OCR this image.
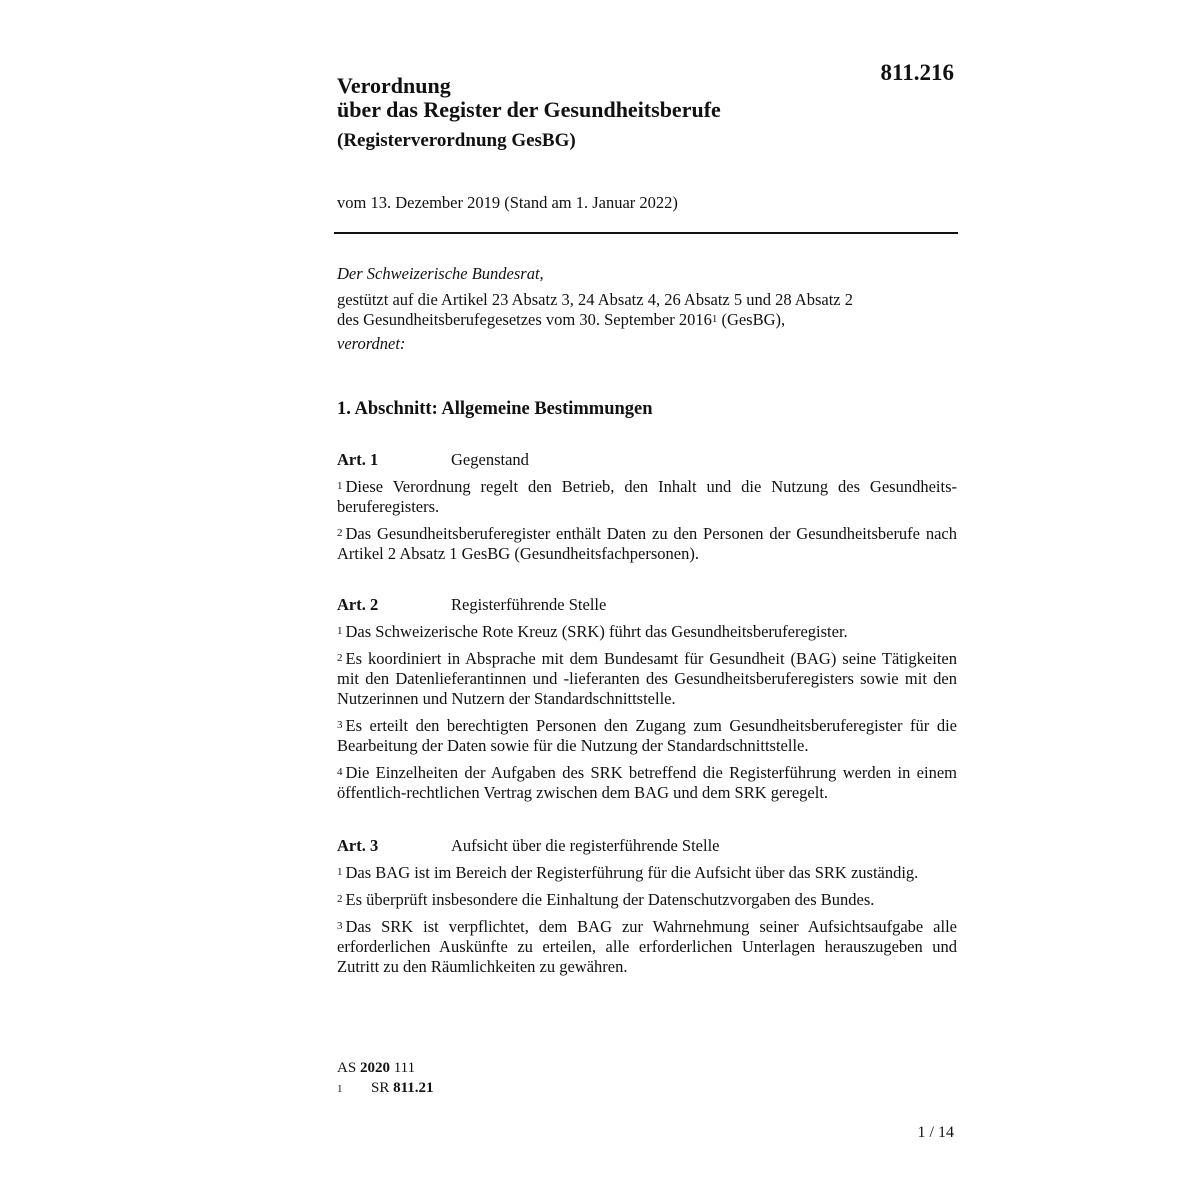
811.216
Verordnung
über das Register der Gesundheitsberufe
(Registerverordnung GesBG)
vom 13. Dezember 2019 (Stand am 1. Januar 2022)
Der Schweizerische Bundesrat,
gestützt auf die Artikel 23 Absatz 3, 24 Absatz 4, 26 Absatz 5 und 28 Absatz 2
des Gesundheitsberufegesetzes vom 30. September 2016$^1$ (GesBG),
verordnet:
1. Abschnitt: Allgemeine Bestimmungen
Art. 1	Gegenstand
$^1$ Diese Verordnung regelt den Betrieb, den Inhalt und die Nutzung des Gesundheitsberuferegisters.
$^2$ Das Gesundheitsberuferegister enthält Daten zu den Personen der Gesundheitsberufe nach Artikel 2 Absatz 1 GesBG (Gesundheitsfachpersonen).
Art. 2	Registerführende Stelle
$^1$ Das Schweizerische Rote Kreuz (SRK) führt das Gesundheitsberuferegister.
$^2$ Es koordiniert in Absprache mit dem Bundesamt für Gesundheit (BAG) seine Tätigkeiten mit den Datenlieferantinnen und -lieferanten des Gesundheitsberuferegisters sowie mit den Nutzerinnen und Nutzern der Standardschnittstelle.
$^3$ Es erteilt den berechtigten Personen den Zugang zum Gesundheitsberuferegister für die Bearbeitung der Daten sowie für die Nutzung der Standardschnittstelle.
$^4$ Die Einzelheiten der Aufgaben des SRK betreffend die Registerführung werden in einem öffentlich-rechtlichen Vertrag zwischen dem BAG und dem SRK geregelt.
Art. 3	Aufsicht über die registerführende Stelle
$^1$ Das BAG ist im Bereich der Registerführung für die Aufsicht über das SRK zuständig.
$^2$ Es überprüft insbesondere die Einhaltung der Datenschutzvorgaben des Bundes.
$^3$ Das SRK ist verpflichtet, dem BAG zur Wahrnehmung seiner Aufsichtsaufgabe alle erforderlichen Auskünfte zu erteilen, alle erforderlichen Unterlagen herauszugeben und Zutritt zu den Räumlichkeiten zu gewähren.
AS 2020 111
1	SR 811.21
1 / 14
